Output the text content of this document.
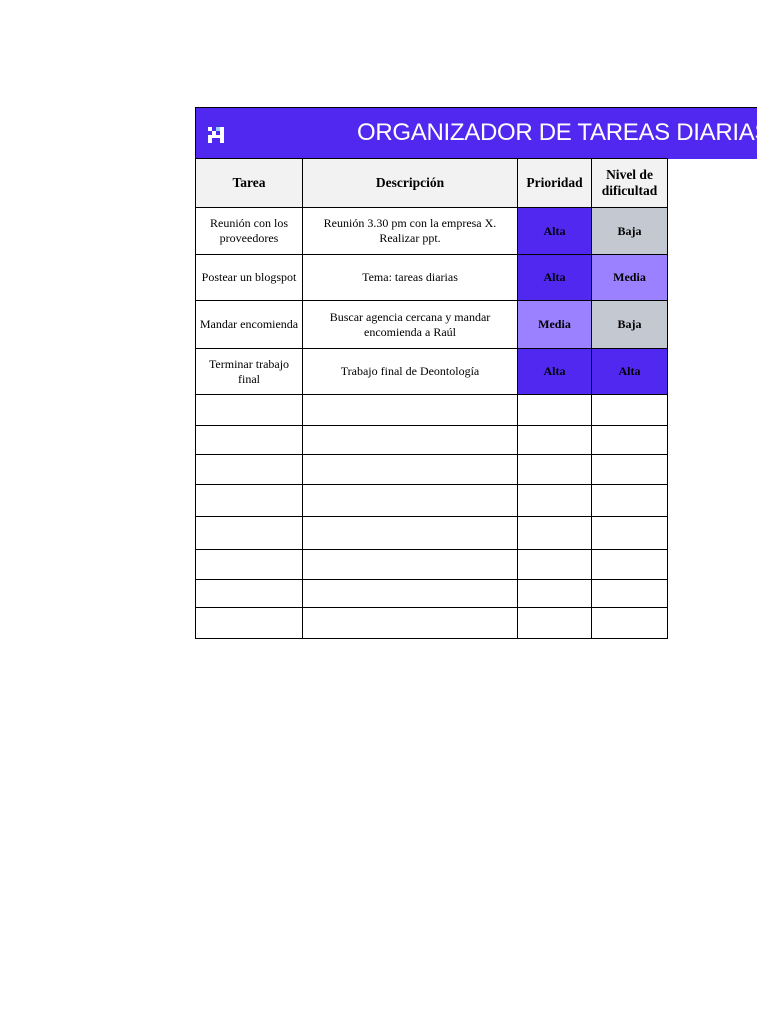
ORGANIZADOR DE TAREAS DIARIAS
Tarea	Descripción	Prioridad	Nivel de dificultad
Reunión con los proveedores	Reunión 3.30 pm con la empresa X. Realizar ppt.	Alta	Baja
Postear un blogspot	Tema: tareas diarias	Alta	Media
Mandar encomienda	Buscar agencia cercana y mandar encomienda a Raúl	Media	Baja
Terminar trabajo final	Trabajo final de Deontología	Alta	Alta
